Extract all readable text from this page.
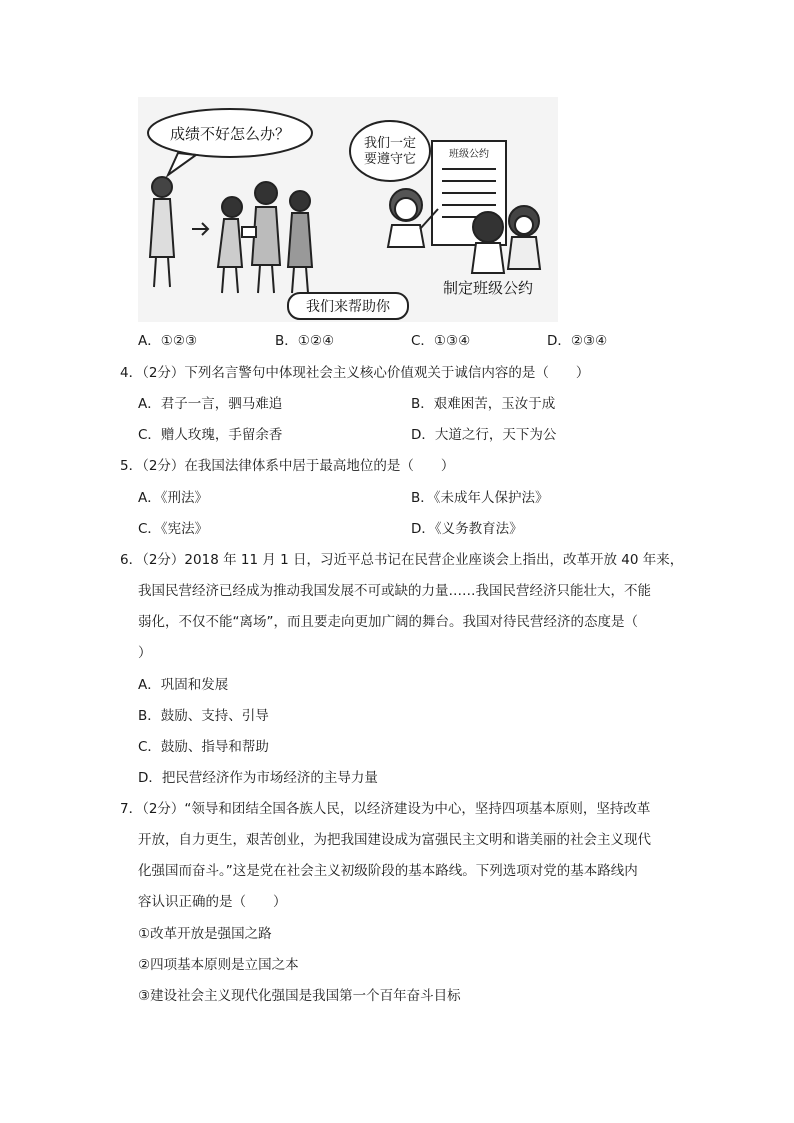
成绩不好怎么办？
我们来帮助你
我们一定
要遵守它	班级公约
制定班级公约
A．①②③	B．①②④	C．①③④	D．②③④
4．（2分）下列名言警句中体现社会主义核心价值观关于诚信内容的是（　　）
A．君子一言，驷马难追	B．艰难困苦，玉汝于成
C．赠人玫瑰，手留余香	D．大道之行，天下为公
5．（2分）在我国法律体系中居于最高地位的是（　　）
A．《刑法》	B．《未成年人保护法》
C．《宪法》	D．《义务教育法》
6．（2分）2018 年 11 月 1 日，习近平总书记在民营企业座谈会上指出，改革开放 40 年来，
我国民营经济已经成为推动我国发展不可或缺的力量……我国民营经济只能壮大，不能
弱化，不仅不能“离场”，而且要走向更加广阔的舞台。我国对待民营经济的态度是（
）
A．巩固和发展
B．鼓励、支持、引导
C．鼓励、指导和帮助
D．把民营经济作为市场经济的主导力量
7．（2分）“领导和团结全国各族人民，以经济建设为中心，坚持四项基本原则，坚持改革
开放，自力更生，艰苦创业，为把我国建设成为富强民主文明和谐美丽的社会主义现代
化强国而奋斗。”这是党在社会主义初级阶段的基本路线。下列选项对党的基本路线内
容认识正确的是（　　）
①改革开放是强国之路
②四项基本原则是立国之本
③建设社会主义现代化强国是我国第一个百年奋斗目标
